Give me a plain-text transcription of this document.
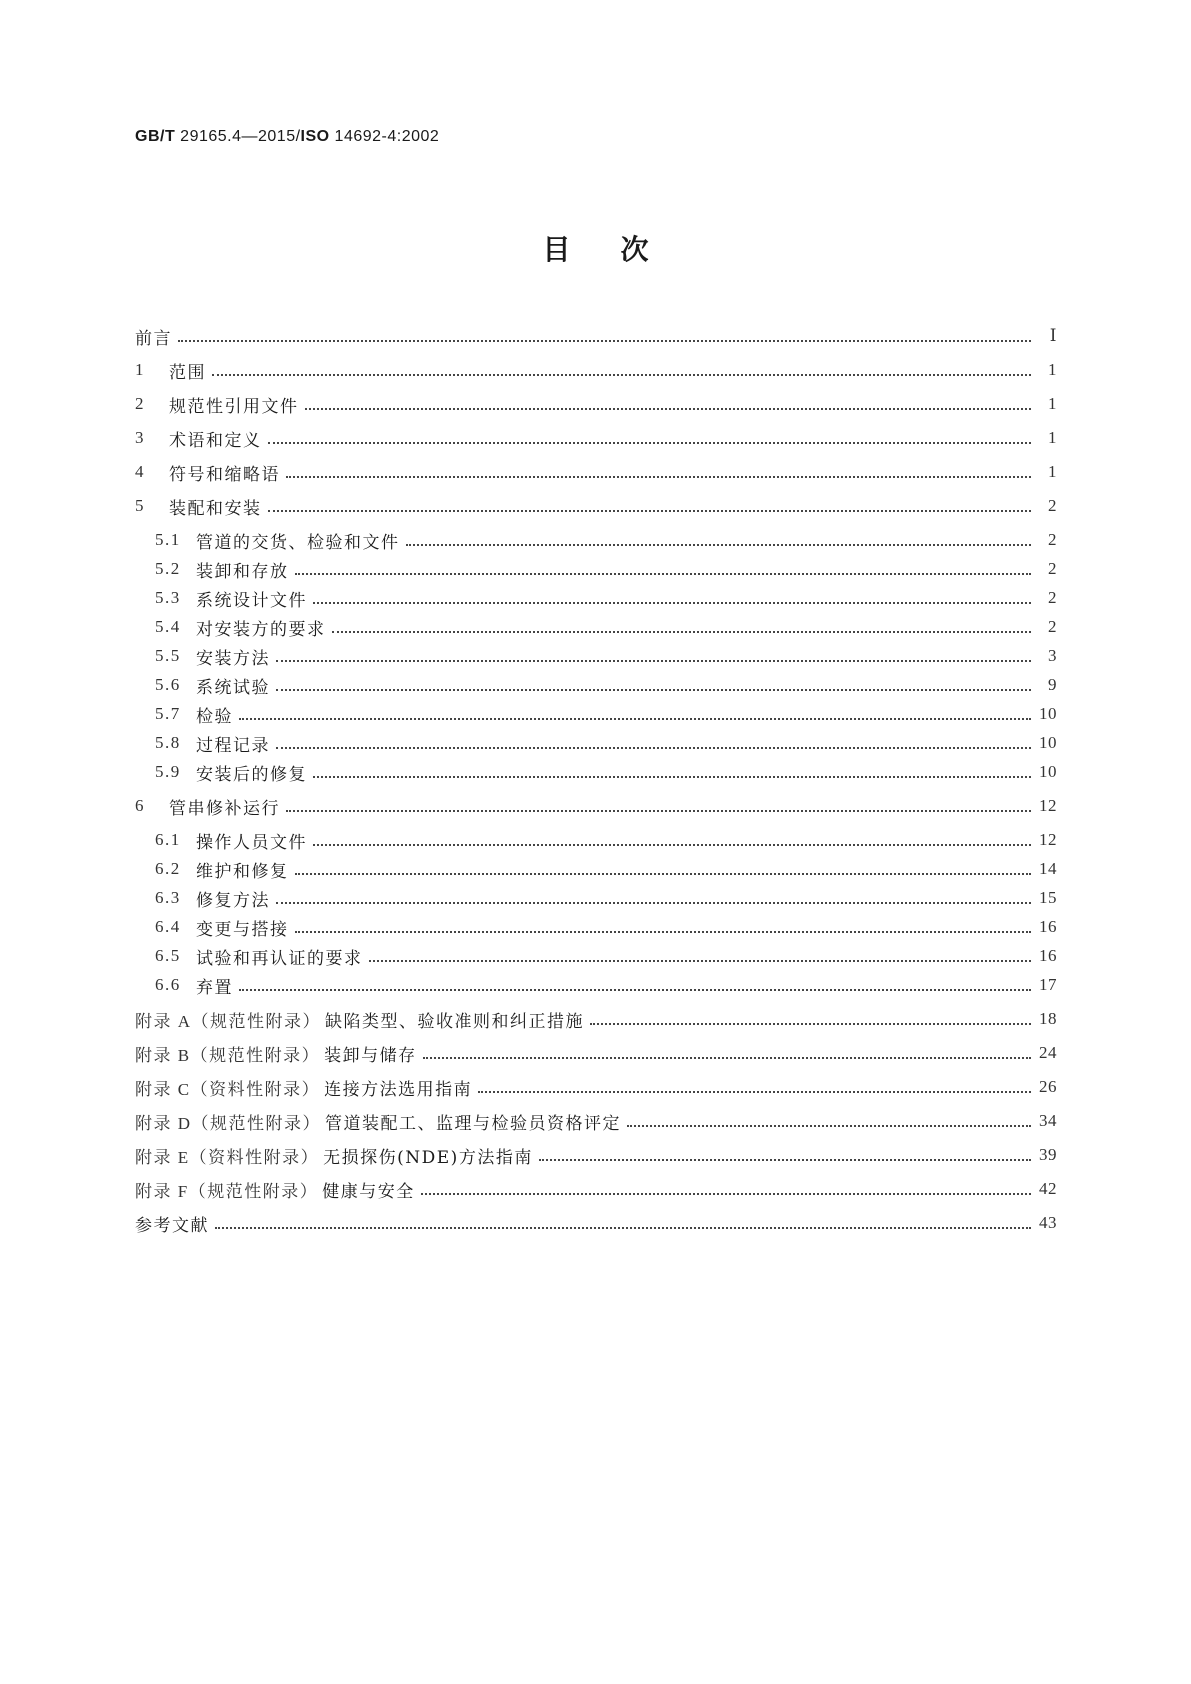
GB/T 29165.4—2015/ISO 14692-4:2002
目次
前言	Ⅰ
1	范围	1
2	规范性引用文件	1
3	术语和定义	1
4	符号和缩略语	1
5	装配和安装	2
5.1 管道的交货、检验和文件	2
5.2 装卸和存放	2
5.3 系统设计文件	2
5.4 对安装方的要求	2
5.5 安装方法	3
5.6 系统试验	9
5.7 检验	10
5.8 过程记录	10
5.9 安装后的修复	10
6	管串修补运行	12
6.1 操作人员文件	12
6.2 维护和修复	14
6.3 修复方法	15
6.4 变更与搭接	16
6.5 试验和再认证的要求	16
6.6 弃置	17
附录 A（规范性附录） 缺陷类型、验收准则和纠正措施	18
附录 B（规范性附录） 装卸与储存	24
附录 C（资料性附录） 连接方法选用指南	26
附录 D（规范性附录） 管道装配工、监理与检验员资格评定	34
附录 E（资料性附录） 无损探伤(NDE)方法指南	39
附录 F（规范性附录） 健康与安全	42
参考文献	43
